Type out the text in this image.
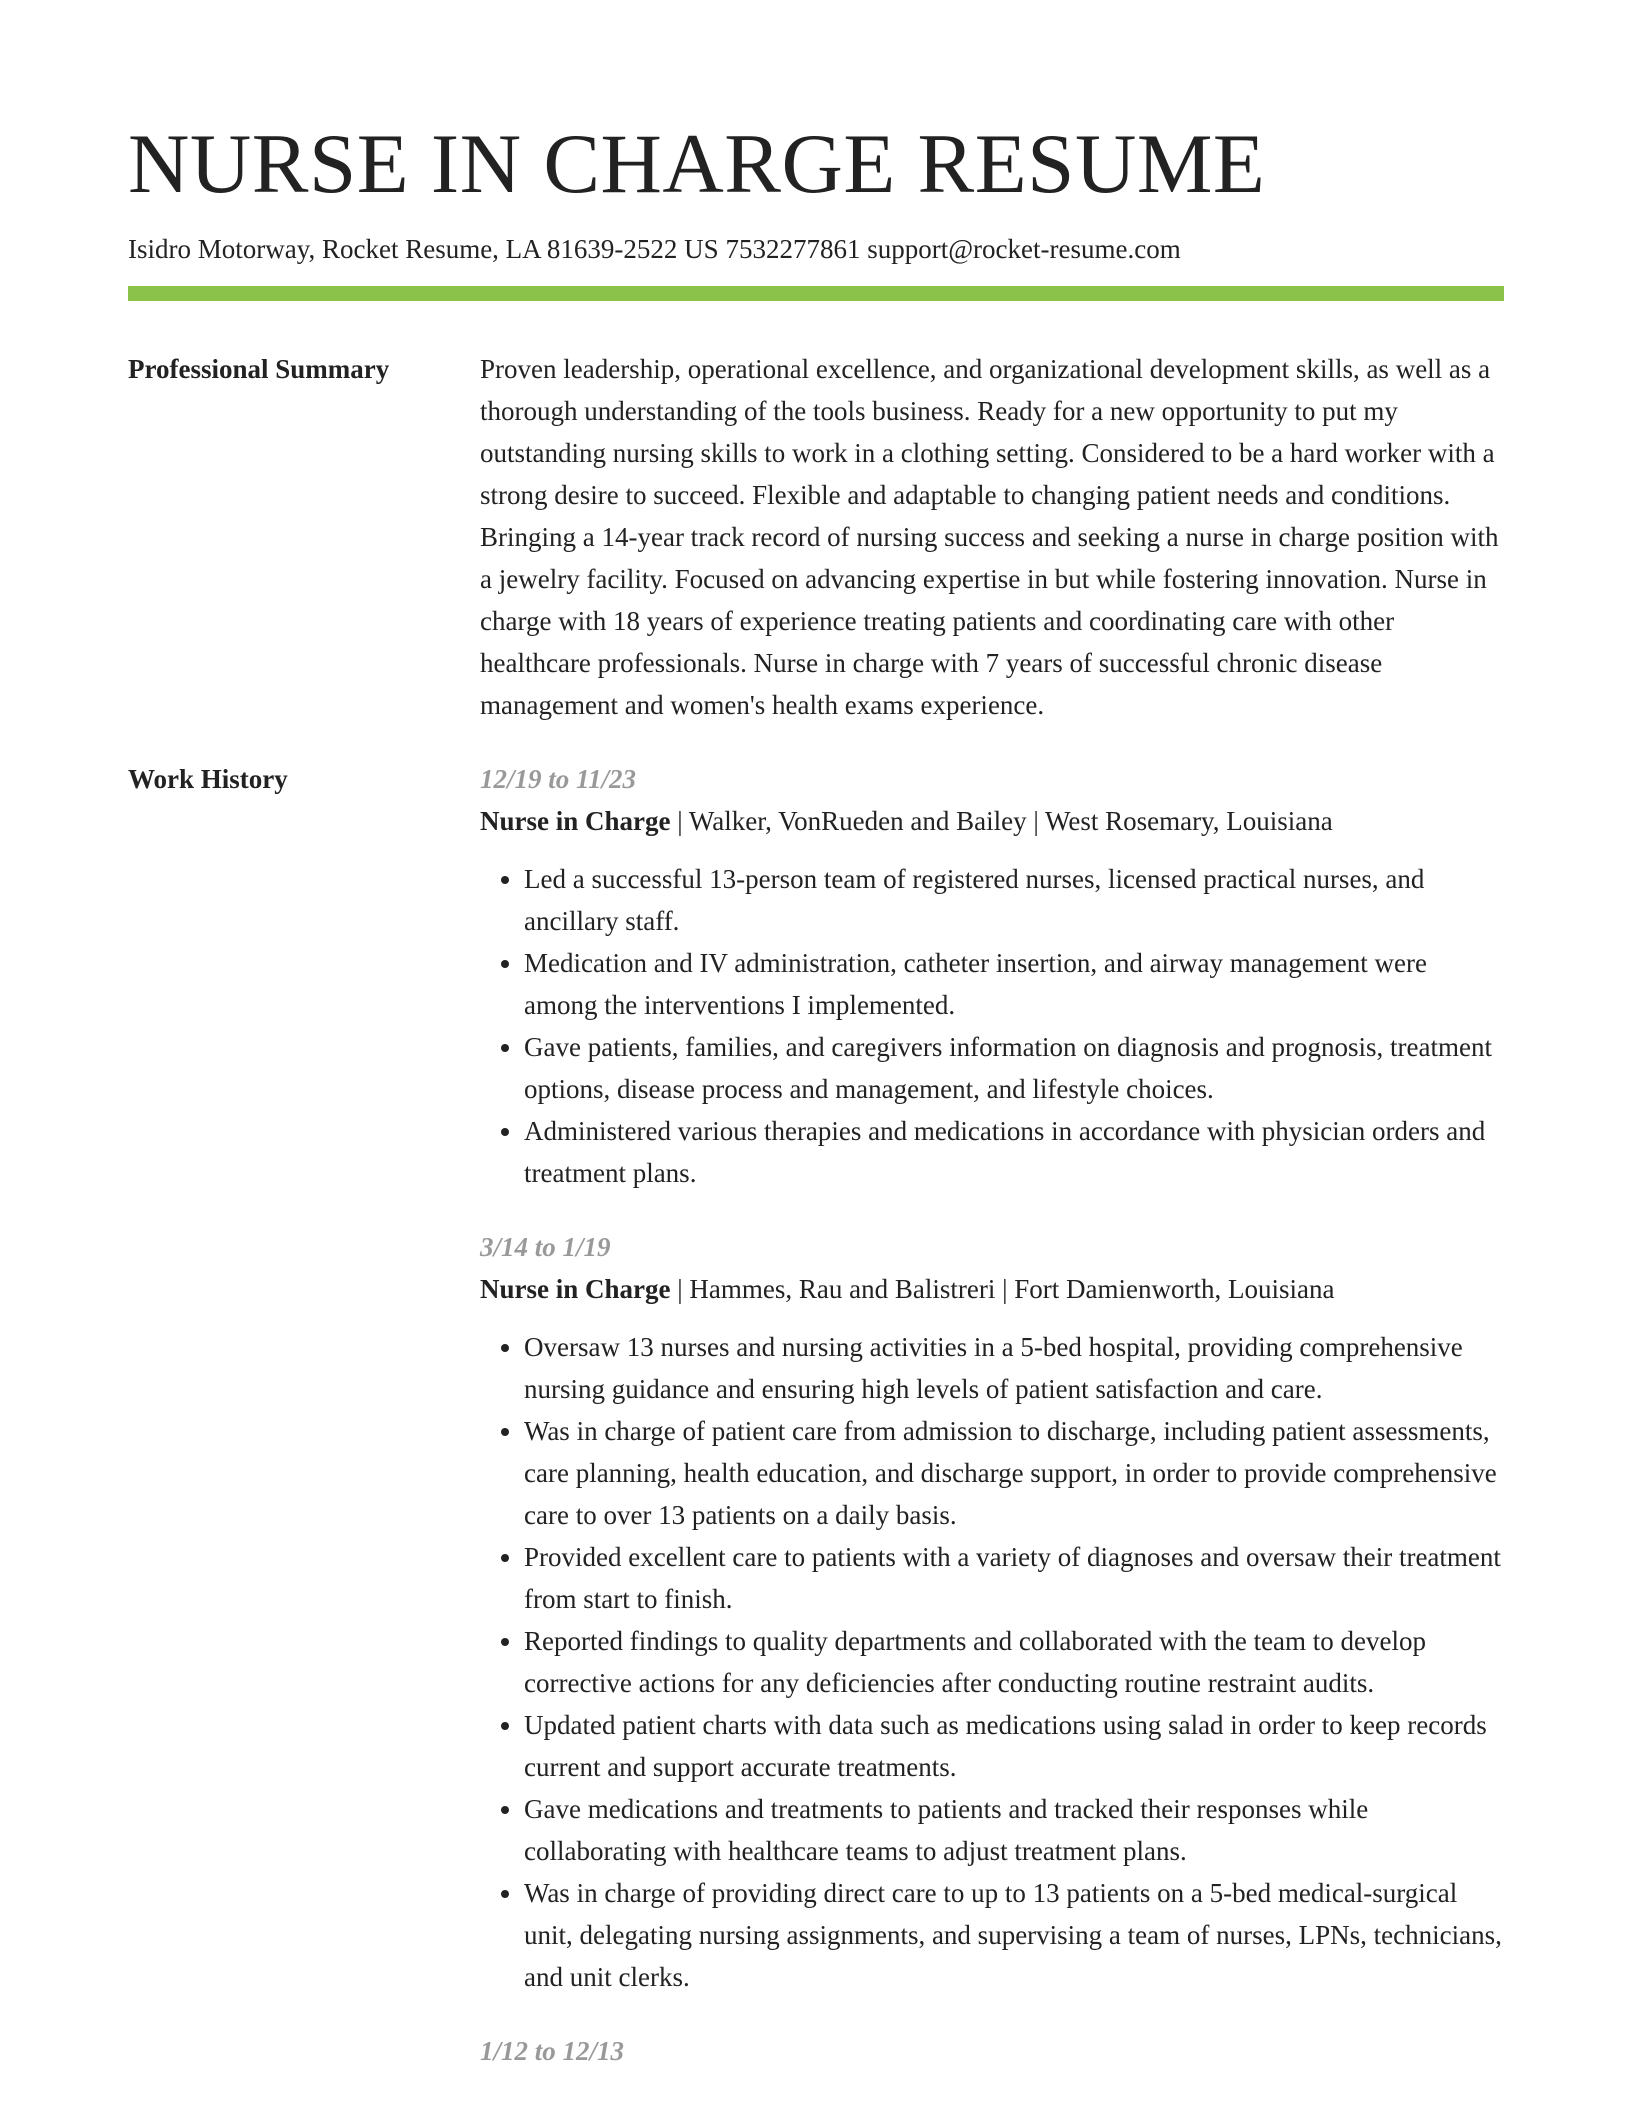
NURSE IN CHARGE RESUME
Isidro Motorway, Rocket Resume, LA 81639-2522 US 7532277861 support@rocket-resume.com
Professional Summary	Proven leadership, operational excellence, and organizational development skills, as well as a thorough understanding of the tools business. Ready for a new opportunity to put my outstanding nursing skills to work in a clothing setting. Considered to be a hard worker with a strong desire to succeed. Flexible and adaptable to changing patient needs and conditions. Bringing a 14-year track record of nursing success and seeking a nurse in charge position with a jewelry facility. Focused on advancing expertise in but while fostering innovation. Nurse in charge with 18 years of experience treating patients and coordinating care with other healthcare professionals. Nurse in charge with 7 years of successful chronic disease management and women's health exams experience.

Work History	12/19 to 11/23
Nurse in Charge | Walker, VonRueden and Bailey | West Rosemary, Louisiana
• Led a successful 13-person team of registered nurses, licensed practical nurses, and ancillary staff.
• Medication and IV administration, catheter insertion, and airway management were among the interventions I implemented.
• Gave patients, families, and caregivers information on diagnosis and prognosis, treatment options, disease process and management, and lifestyle choices.
• Administered various therapies and medications in accordance with physician orders and treatment plans.
3/14 to 1/19
Nurse in Charge | Hammes, Rau and Balistreri | Fort Damienworth, Louisiana
• Oversaw 13 nurses and nursing activities in a 5-bed hospital, providing comprehensive nursing guidance and ensuring high levels of patient satisfaction and care.
• Was in charge of patient care from admission to discharge, including patient assessments, care planning, health education, and discharge support, in order to provide comprehensive care to over 13 patients on a daily basis.
• Provided excellent care to patients with a variety of diagnoses and oversaw their treatment from start to finish.
• Reported findings to quality departments and collaborated with the team to develop corrective actions for any deficiencies after conducting routine restraint audits.
• Updated patient charts with data such as medications using salad in order to keep records current and support accurate treatments.
• Gave medications and treatments to patients and tracked their responses while collaborating with healthcare teams to adjust treatment plans.
• Was in charge of providing direct care to up to 13 patients on a 5-bed medical-surgical unit, delegating nursing assignments, and supervising a team of nurses, LPNs, technicians, and unit clerks.
1/12 to 12/13
